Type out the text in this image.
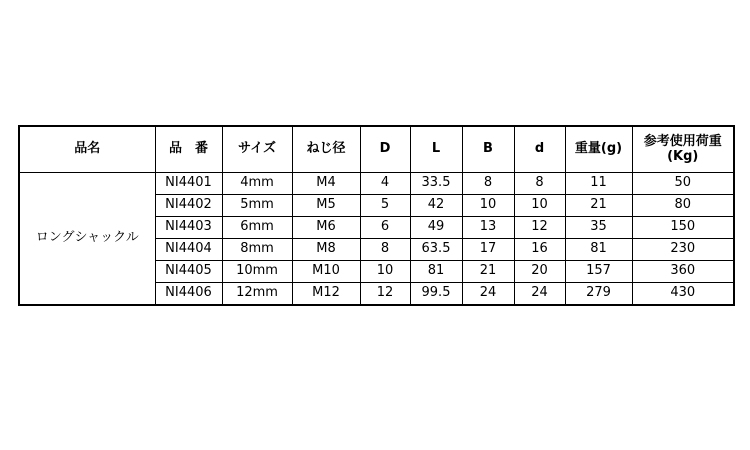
品名	品　番	サイズ	ねじ径	D	L	B	d	重量(g)	参考使用荷重(Kg)
ロングシャックル	NI4401	4mm	M4	4	33.5	8	8	11	50
	NI4402	5mm	M5	5	42	10	10	21	80
	NI4403	6mm	M6	6	49	13	12	35	150
	NI4404	8mm	M8	8	63.5	17	16	81	230
	NI4405	10mm	M10	10	81	21	20	157	360
	NI4406	12mm	M12	12	99.5	24	24	279	430
